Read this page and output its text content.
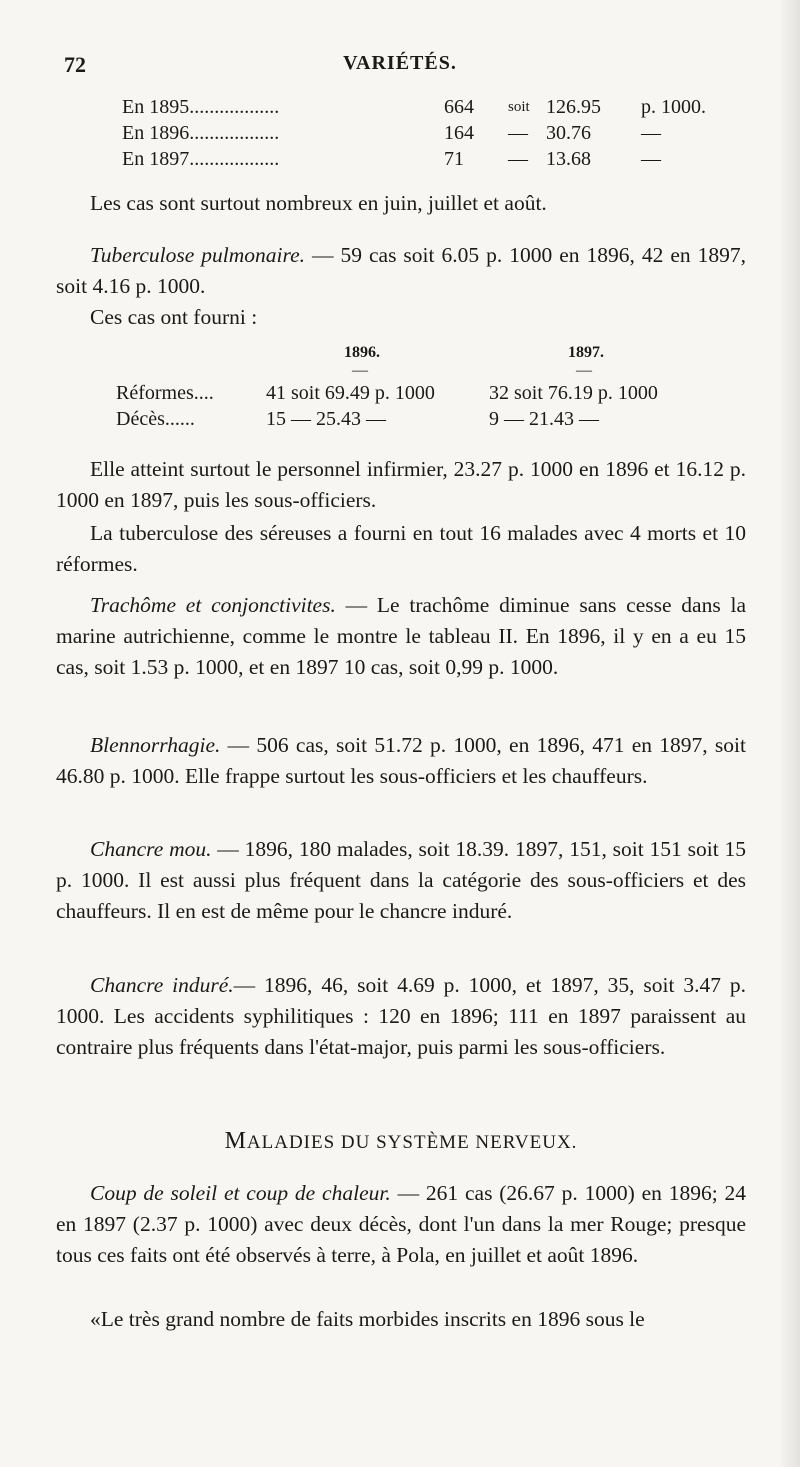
72	VARIÉTÉS.
En 1895..................	664 soit 126.95 p. 1000.
En 1896..................	164 — 30.76	—
En 1897..................	71 — 13.68	—

Les cas sont surtout nombreux en juin, juillet et août.

Tuberculose pulmonaire. — 59 cas soit 6.05 p. 1000 en 1896, 42 en 1897, soit 4.16 p. 1000.

Ces cas ont fourni :

1896.	1897.
—	—
Réformes....	41 soit 69.49 p. 1000	32 soit 76.19 p. 1000
Décès......	15 — 25.43 —	9 — 21.43 —

Elle atteint surtout le personnel infirmier, 23.27 p. 1000 en 1896 et 16.12 p. 1000 en 1897, puis les sous-officiers.

La tuberculose des séreuses a fourni en tout 16 malades avec 4 morts et 10 réformes.

Trachôme et conjonctivites. — Le trachôme diminue sans cesse dans la marine autrichienne, comme le montre le tableau II. En 1896, il y en a eu 15 cas, soit 1.53 p. 1000, et en 1897 10 cas, soit 0,99 p. 1000.

Blennorrhagie. — 506 cas, soit 51.72 p. 1000, en 1896, 471 en 1897, soit 46.80 p. 1000. Elle frappe surtout les sous-officiers et les chauffeurs.

Chancre mou. — 1896, 180 malades, soit 18.39. 1897, 151, soit 151 soit 15 p. 1000. Il est aussi plus fréquent dans la catégorie des sous-officiers et des chauffeurs. Il en est de même pour le chancre induré.

Chancre induré.— 1896, 46, soit 4.69 p. 1000, et 1897, 35, soit 3.47 p. 1000. Les accidents syphilitiques : 120 en 1896; 111 en 1897 paraissent au contraire plus fréquents dans l'état-major, puis parmi les sous-officiers.

MALADIES DU SYSTÈME NERVEUX.

Coup de soleil et coup de chaleur. — 261 cas (26.67 p. 1000) en 1896; 24 en 1897 (2.37 p. 1000) avec deux décès, dont l'un dans la mer Rouge; presque tous ces faits ont été observés à terre, à Pola, en juillet et août 1896.

«Le très grand nombre de faits morbides inscrits en 1896 sous le
